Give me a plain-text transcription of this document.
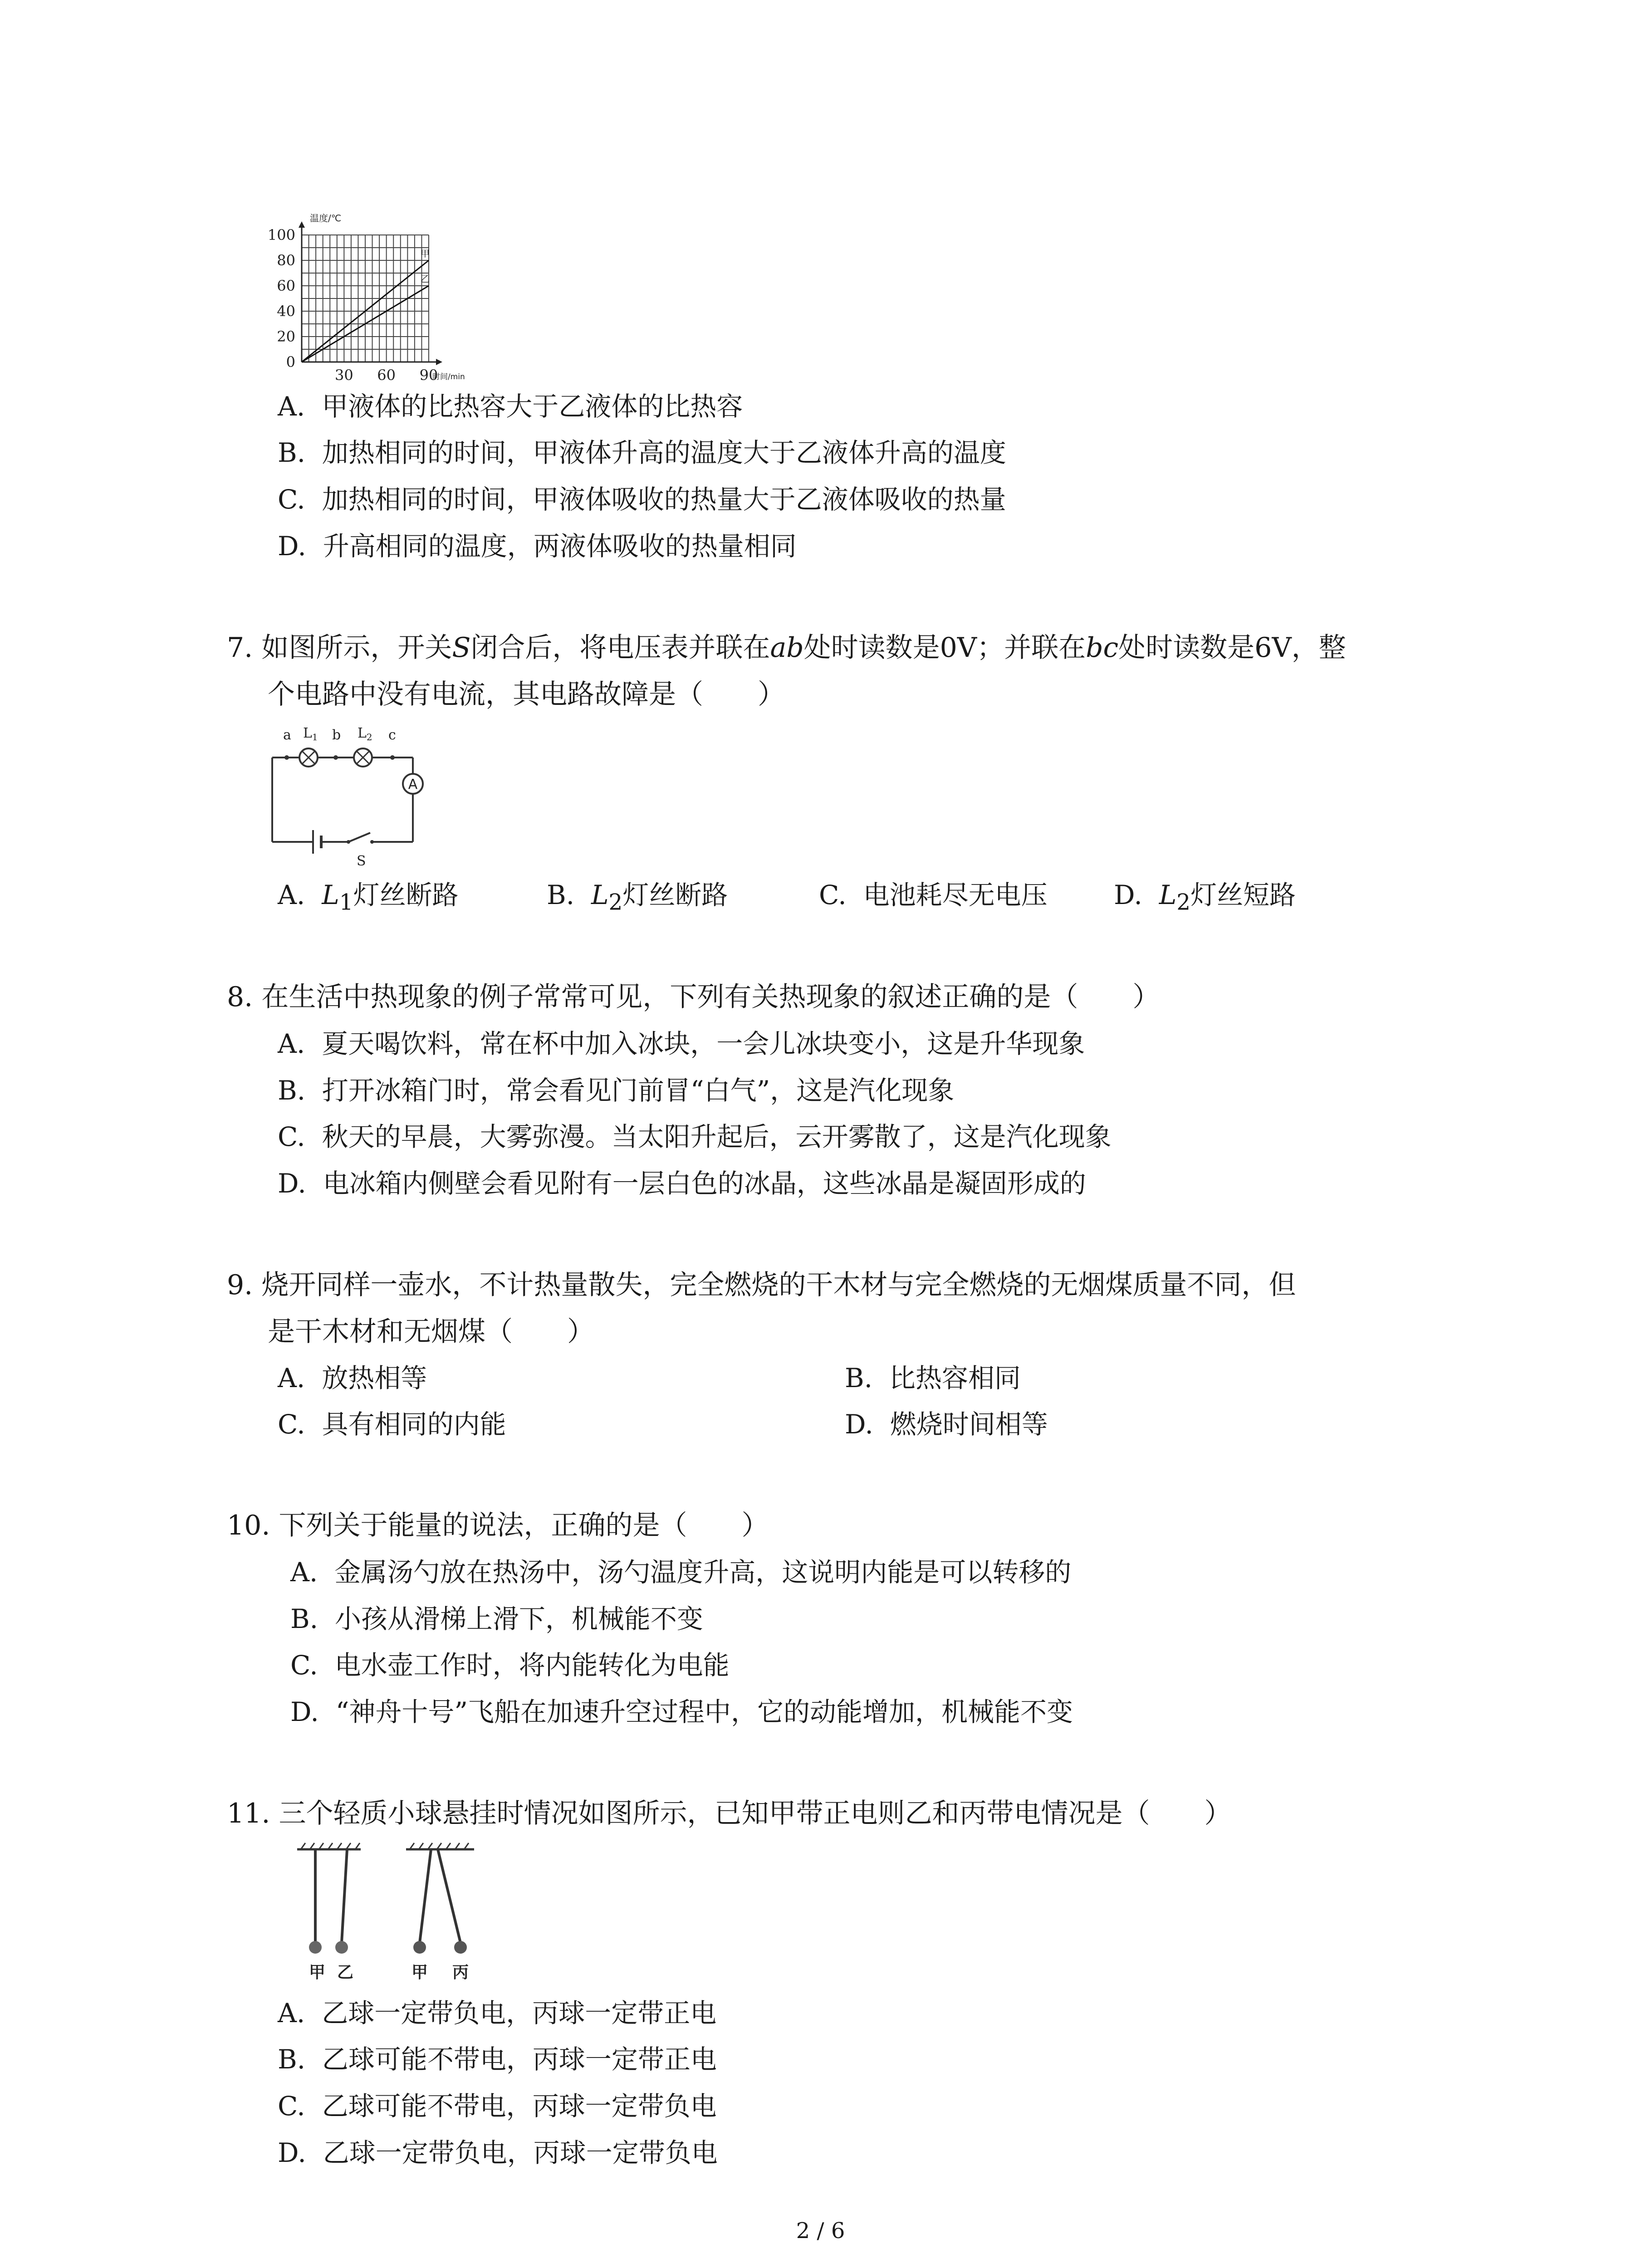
100
80
60
40
20
0
30 60 90
温度/℃
时间/min
甲
乙
A.  甲液体的比热容大于乙液体的比热容
B.  加热相同的时间，甲液体升高的温度大于乙液体升高的温度
C.  加热相同的时间，甲液体吸收的热量大于乙液体吸收的热量
D.  升高相同的温度，两液体吸收的热量相同
7. 如图所示，开关S闭合后，将电压表并联在ab处时读数是0V；并联在bc处时读数是6V，整
个电路中没有电流，其电路故障是（　　）
A
a $L_1$ b $L_2$ c
S
A.  $L_1$灯丝断路	B.  $L_2$灯丝断路	C.  电池耗尽无电压	D.  $L_2$灯丝短路
8. 在生活中热现象的例子常常可见，下列有关热现象的叙述正确的是（　　）
A.  夏天喝饮料，常在杯中加入冰块，一会儿冰块变小，这是升华现象
B.  打开冰箱门时，常会看见门前冒“白气”，这是汽化现象
C.  秋天的早晨，大雾弥漫。当太阳升起后，云开雾散了，这是汽化现象
D.  电冰箱内侧壁会看见附有一层白色的冰晶，这些冰晶是凝固形成的
9. 烧开同样一壶水，不计热量散失，完全燃烧的干木材与完全燃烧的无烟煤质量不同，但
是干木材和无烟煤（　　）
A.  放热相等	B.  比热容相同
C.  具有相同的内能	D.  燃烧时间相等
10. 下列关于能量的说法，正确的是（　　）
A.  金属汤勺放在热汤中，汤勺温度升高，这说明内能是可以转移的
B.  小孩从滑梯上滑下，机械能不变
C.  电水壶工作时，将内能转化为电能
D.  “神舟十号”飞船在加速升空过程中，它的动能增加，机械能不变
11. 三个轻质小球悬挂时情况如图所示，已知甲带正电则乙和丙带电情况是（　　）
甲 乙	甲 丙
A.  乙球一定带负电，丙球一定带正电
B.  乙球可能不带电，丙球一定带正电
C.  乙球可能不带电，丙球一定带负电
D.  乙球一定带负电，丙球一定带负电
2 / 6
